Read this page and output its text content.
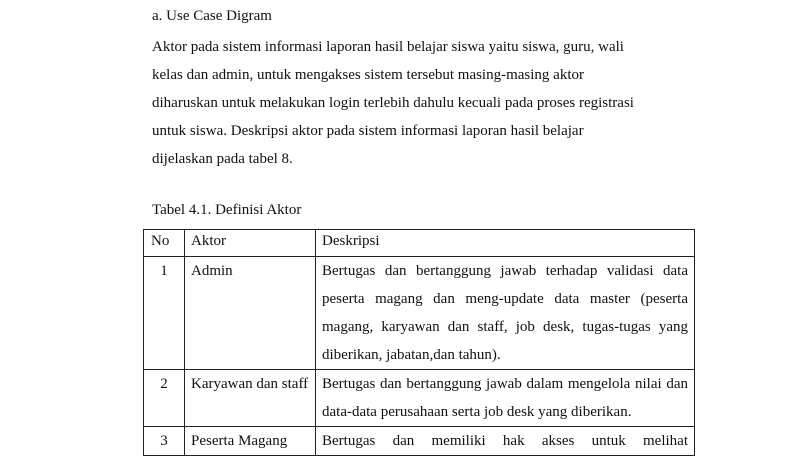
a. Use Case Digram

Aktor pada sistem informasi laporan hasil belajar siswa yaitu siswa, guru, wali
kelas dan admin, untuk mengakses sistem tersebut masing-masing aktor
diharuskan untuk melakukan login terlebih dahulu kecuali pada proses registrasi
untuk siswa. Deskripsi aktor pada sistem informasi laporan hasil belajar
dijelaskan pada tabel 8.

Tabel 4.1. Definisi Aktor
No	Aktor	Deskripsi
1	Admin	Bertugas dan bertanggung jawab terhadap validasi data peserta magang dan meng-update data master (peserta magang, karyawan dan staff, job desk, tugas-tugas yang diberikan, jabatan,dan tahun).
2	Karyawan dan staff	Bertugas dan bertanggung jawab dalam mengelola nilai dan data-data perusahaan serta job desk yang diberikan.
3	Peserta Magang	Bertugas dan memiliki hak akses untuk melihat
